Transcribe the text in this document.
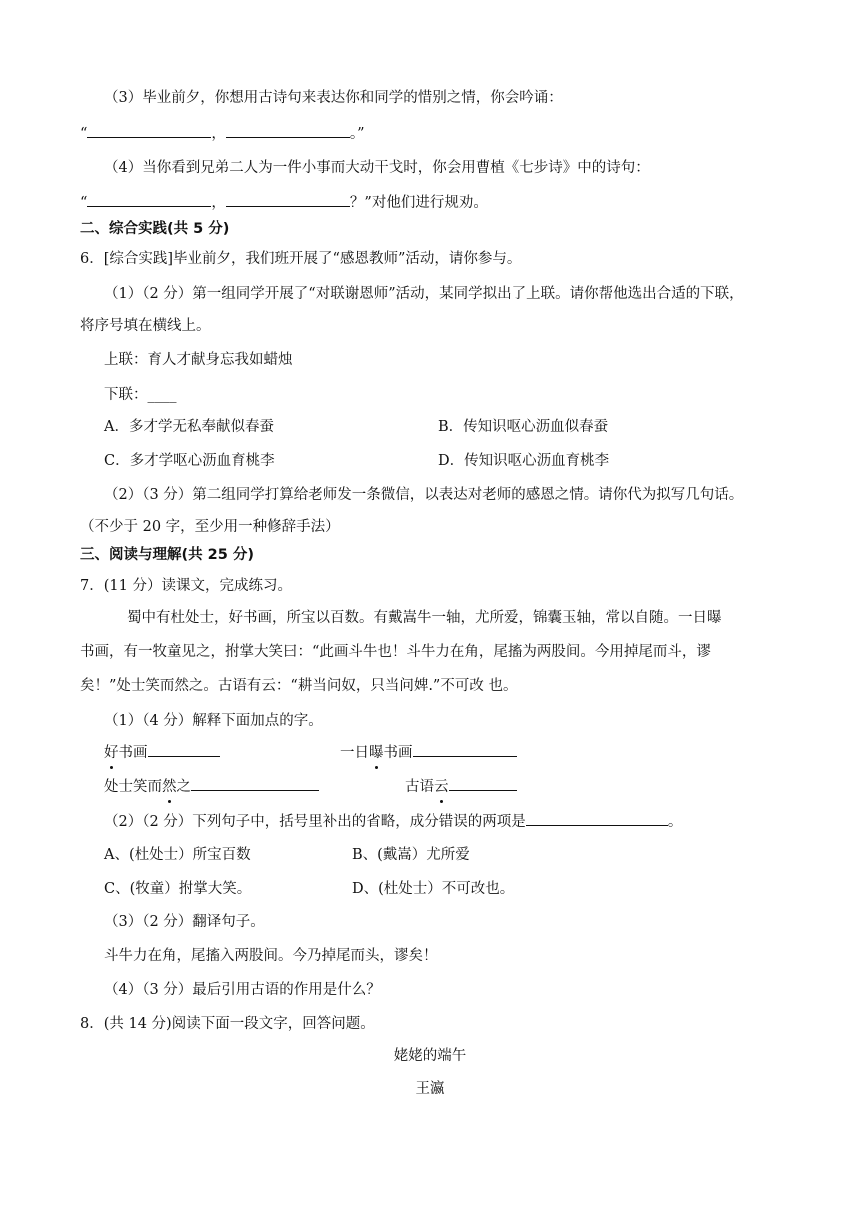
（3）毕业前夕，你想用古诗句来表达你和同学的惜别之情，你会吟诵：
“	，	。”
（4）当你看到兄弟二人为一件小事而大动干戈时，你会用曹植《七步诗》中的诗句：
“	，	？”对他们进行规劝。
二、综合实践(共 5 分)
6．[综合实践]毕业前夕，我们班开展了“感恩教师”活动，请你参与。
（1）（2 分）第一组同学开展了“对联谢恩师”活动，某同学拟出了上联。请你帮他选出合适的下联，
将序号填在横线上。
上联：育人才献身忘我如蜡烛
下联：____
A．多才学无私奉献似春蚕	B．传知识呕心沥血似春蚕
C．多才学呕心沥血育桃李	D．传知识呕心沥血育桃李
（2）（3 分）第二组同学打算给老师发一条微信，以表达对老师的感恩之情。请你代为拟写几句话。
（不少于 20 字，至少用一种修辞手法）
三、阅读与理解(共 25 分)
7．(11 分）读课文，完成练习。
蜀中有杜处士，好书画，所宝以百数。有戴嵩牛一轴，尤所爱，锦囊玉轴，常以自随。一日曝
书画，有一牧童见之，拊掌大笑曰：“此画斗牛也！斗牛力在角，尾搐为两股间。今用掉尾而斗，谬
矣！”处士笑而然之。古语有云：“耕当问奴，只当问婢.”不可改 也。
（1）（4 分）解释下面加点的字。
好书画	一日曝书画
处士笑而然之	古语云
（2）（2 分）下列句子中，括号里补出的省略，成分错误的两项是	。
A、(杜处士）所宝百数	B、(戴嵩）尤所爱
C、(牧童）拊掌大笑。	D、(杜处士）不可改也。
（3）（2 分）翻译句子。
斗牛力在角，尾搐入两股间。今乃掉尾而头，谬矣！
（4）（3 分）最后引用古语的作用是什么？
8．(共 14 分)阅读下面一段文字，回答问题。
姥姥的端午
王瀛
